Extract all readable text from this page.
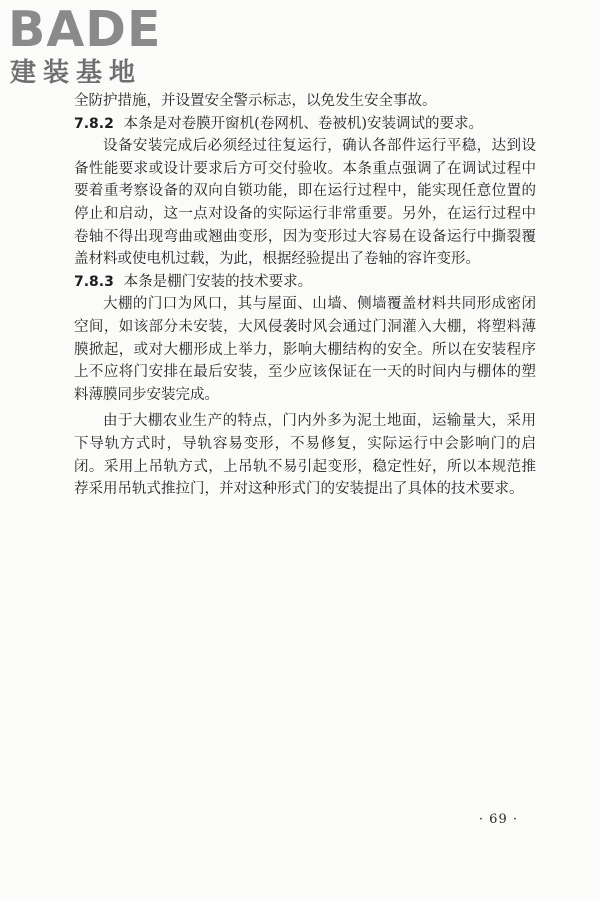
BADE
建装基地

全防护措施，并设置安全警示标志，以免发生安全事故。

7.8.2 本条是对卷膜开窗机(卷网机、卷被机)安装调试的要求。

设备安装完成后必须经过往复运行，确认各部件运行平稳，达到设备性能要求或设计要求后方可交付验收。本条重点强调了在调试过程中要着重考察设备的双向自锁功能，即在运行过程中，能实现任意位置的停止和启动，这一点对设备的实际运行非常重要。另外，在运行过程中卷轴不得出现弯曲或翘曲变形，因为变形过大容易在设备运行中撕裂覆盖材料或使电机过载，为此，根据经验提出了卷轴的容许变形。

7.8.3 本条是棚门安装的技术要求。

大棚的门口为风口，其与屋面、山墙、侧墙覆盖材料共同形成密闭空间，如该部分未安装，大风侵袭时风会通过门洞灌入大棚，将塑料薄膜掀起，或对大棚形成上举力，影响大棚结构的安全。所以在安装程序上不应将门安排在最后安装，至少应该保证在一天的时间内与棚体的塑料薄膜同步安装完成。

由于大棚农业生产的特点，门内外多为泥土地面，运输量大，采用下导轨方式时，导轨容易变形，不易修复，实际运行中会影响门的启闭。采用上吊轨方式，上吊轨不易引起变形，稳定性好，所以本规范推荐采用吊轨式推拉门，并对这种形式门的安装提出了具体的技术要求。

· 69 ·
